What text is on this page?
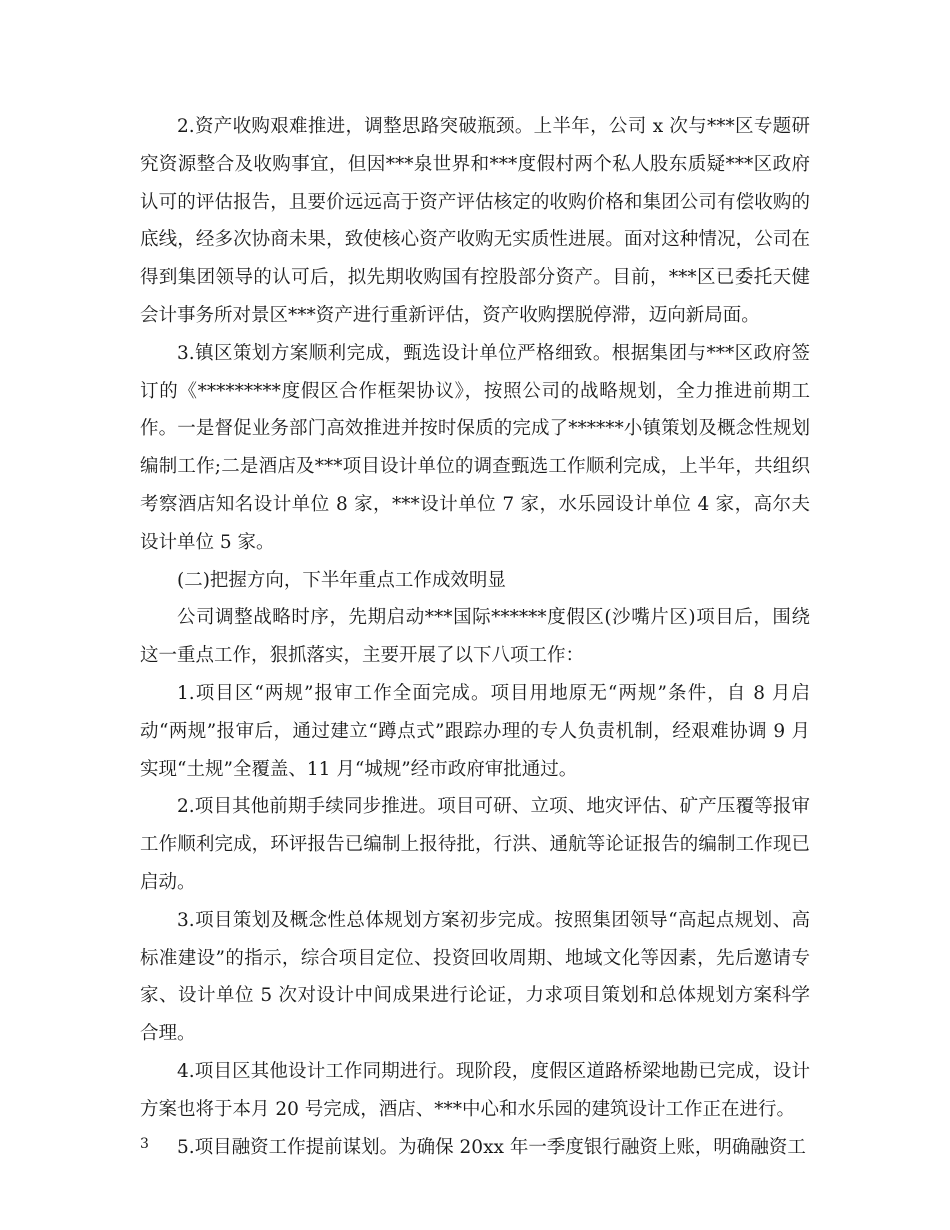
2.资产收购艰难推进，调整思路突破瓶颈。上半年，公司 x 次与***区专题研究资源整合及收购事宜，但因***泉世界和***度假村两个私人股东质疑***区政府认可的评估报告，且要价远远高于资产评估核定的收购价格和集团公司有偿收购的底线，经多次协商未果，致使核心资产收购无实质性进展。面对这种情况，公司在得到集团领导的认可后，拟先期收购国有控股部分资产。目前，***区已委托天健会计事务所对景区***资产进行重新评估，资产收购摆脱停滞，迈向新局面。

3.镇区策划方案顺利完成，甄选设计单位严格细致。根据集团与***区政府签订的《*********度假区合作框架协议》，按照公司的战略规划，全力推进前期工作。一是督促业务部门高效推进并按时保质的完成了******小镇策划及概念性规划编制工作;二是酒店及***项目设计单位的调查甄选工作顺利完成，上半年，共组织考察酒店知名设计单位 8 家，***设计单位 7 家，水乐园设计单位 4 家，高尔夫设计单位 5 家。

(二)把握方向，下半年重点工作成效明显

公司调整战略时序，先期启动***国际******度假区(沙嘴片区)项目后，围绕这一重点工作，狠抓落实，主要开展了以下八项工作：

1.项目区“两规”报审工作全面完成。项目用地原无“两规”条件，自 8 月启动“两规”报审后，通过建立“蹲点式”跟踪办理的专人负责机制，经艰难协调 9 月实现“土规”全覆盖、11 月“城规”经市政府审批通过。

2.项目其他前期手续同步推进。项目可研、立项、地灾评估、矿产压覆等报审工作顺利完成，环评报告已编制上报待批，行洪、通航等论证报告的编制工作现已启动。

3.项目策划及概念性总体规划方案初步完成。按照集团领导“高起点规划、高标准建设”的指示，综合项目定位、投资回收周期、地域文化等因素，先后邀请专家、设计单位 5 次对设计中间成果进行论证，力求项目策划和总体规划方案科学合理。

4.项目区其他设计工作同期进行。现阶段，度假区道路桥梁地勘已完成，设计方案也将于本月 20 号完成，酒店、***中心和水乐园的建筑设计工作正在进行。

5.项目融资工作提前谋划。为确保 20xx 年一季度银行融资上账，明确融资工

3
